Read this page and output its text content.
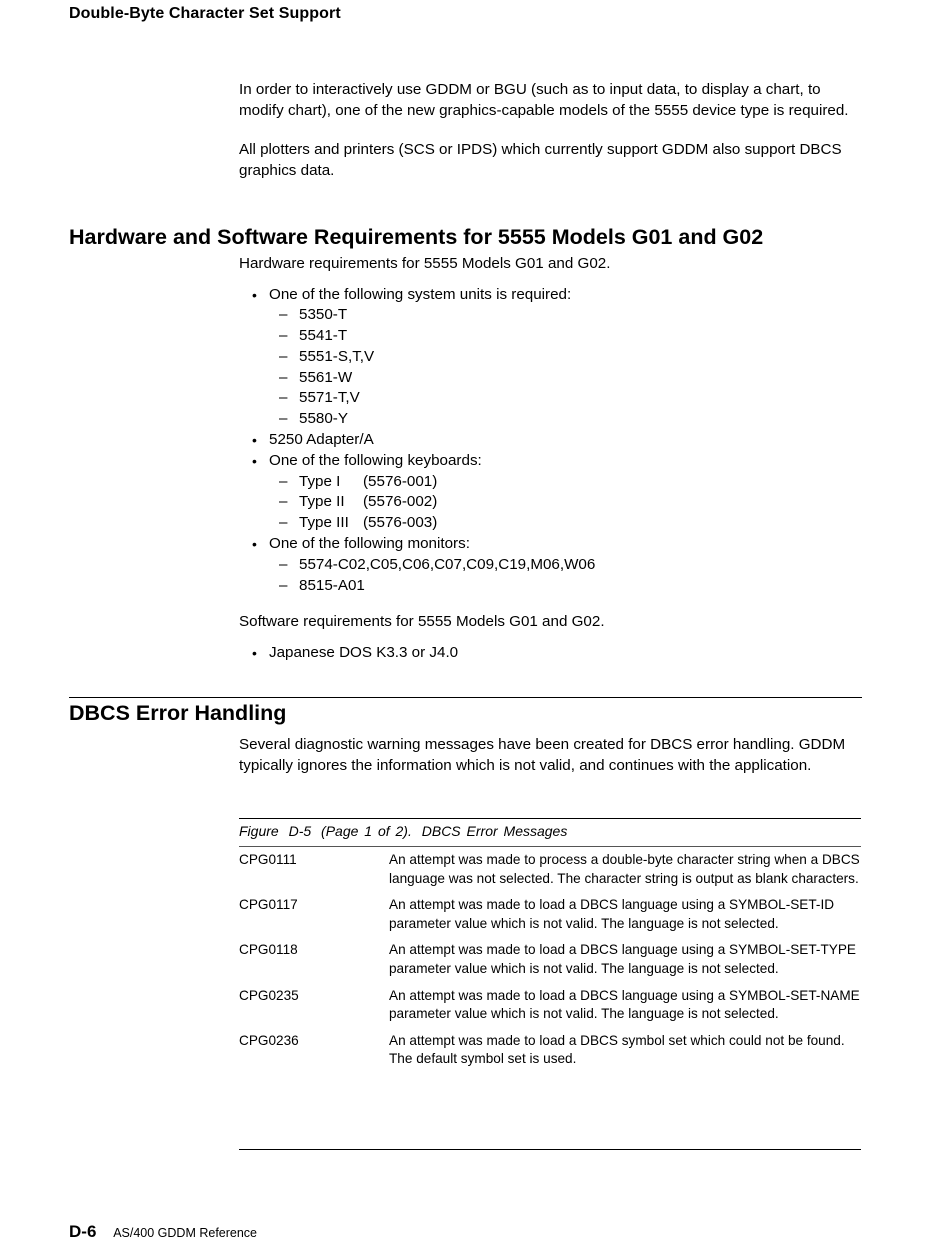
Double-Byte Character Set Support

In order to interactively use GDDM or BGU (such as to input data, to display a chart, to modify chart), one of the new graphics-capable models of the 5555 device type is required.

All plotters and printers (SCS or IPDS) which currently support GDDM also support DBCS graphics data.

Hardware and Software Requirements for 5555 Models G01 and G02

Hardware requirements for 5555 Models G01 and G02.

• One of the following system units is required:
– 5350-T
– 5541-T
– 5551-S,T,V
– 5561-W
– 5571-T,V
– 5580-Y
• 5250 Adapter/A
• One of the following keyboards:
– Type I (5576-001)
– Type II (5576-002)
– Type III (5576-003)
• One of the following monitors:
– 5574-C02,C05,C06,C07,C09,C19,M06,W06
– 8515-A01

Software requirements for 5555 Models G01 and G02.

• Japanese DOS K3.3 or J4.0
DBCS Error Handling

Several diagnostic warning messages have been created for DBCS error handling. GDDM typically ignores the information which is not valid, and continues with the application.

Figure D-5 (Page 1 of 2). DBCS Error Messages
CPG0111	An attempt was made to process a double-byte character string when a DBCS language was not selected. The character string is output as blank characters.
CPG0117	An attempt was made to load a DBCS language using a SYMBOL-SET-ID parameter value which is not valid. The language is not selected.
CPG0118	An attempt was made to load a DBCS language using a SYMBOL-SET-TYPE parameter value which is not valid. The language is not selected.
CPG0235	An attempt was made to load a DBCS language using a SYMBOL-SET-NAME parameter value which is not valid. The language is not selected.
CPG0236	An attempt was made to load a DBCS symbol set which could not be found. The default symbol set is used.
D-6 AS/400 GDDM Reference
